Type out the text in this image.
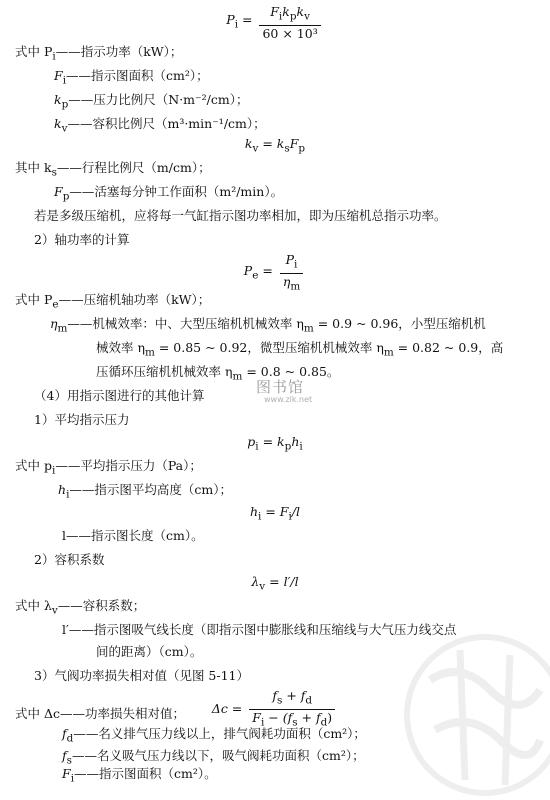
$P_i = \frac{F_ik_pk_v}{\text{60 × 10³}}$
式中 $P_i——$指示功率（kW）；
$F_i——$指示图面积（cm²）；
$k_p——$压力比例尺（N·m⁻²/cm）；
$k_v——$容积比例尺（m³·min⁻¹/cm）；
$k_v = k_sF_p$
其中 $k_s——$行程比例尺（m/cm）；
$F_p——$活塞每分钟工作面积（m²/min）。
若是多级压缩机，应将每一气缸指示图功率相加，即为压缩机总指示功率。
2）轴功率的计算
$P_e = \frac{P_i}{\eta_m}$
式中 $P_e——$压缩机轴功率（kW）；
$\eta_m——$机械效率：中、大型压缩机机械效率 $\eta_m = 0.9$ ~ 0.96，小型压缩机机
械效率 $\eta_m = 0.85$ ~ 0.92，微型压缩机机械效率 $\eta_m = 0.82$ ~ 0.9，高
压循环压缩机机械效率 $\eta_m = 0.8$ ~ 0.85。
（4）用指示图进行的其他计算
1）平均指示压力
$p_i = k_ph_i$
式中 $p_i——$平均指示压力（Pa）；
$h_i——$指示图平均高度（cm）；
$h_i = F_i/l$
l——指示图长度（cm）。
2）容积系数
$\lambda_v = l'/l$
式中 $\lambda_v——$容积系数；
l′——指示图吸气线长度（即指示图中膨胀线和压缩线与大气压力线交点
间的距离）（cm）。
3）气阀功率损失相对值（见图 5-11）
$\Delta c = \frac{f_s + f_d}{F_i - (f_s + f_d)}$
式中 Δc——功率损失相对值；
$f_s——$名义吸气压力线以下，吸气阀耗功面积（cm²）；
$f_d——$名义排气压力线以上，排气阀耗功面积（cm²）；
图书馆
www.zlk.net
$F_i——$指示图面积（cm²）。
